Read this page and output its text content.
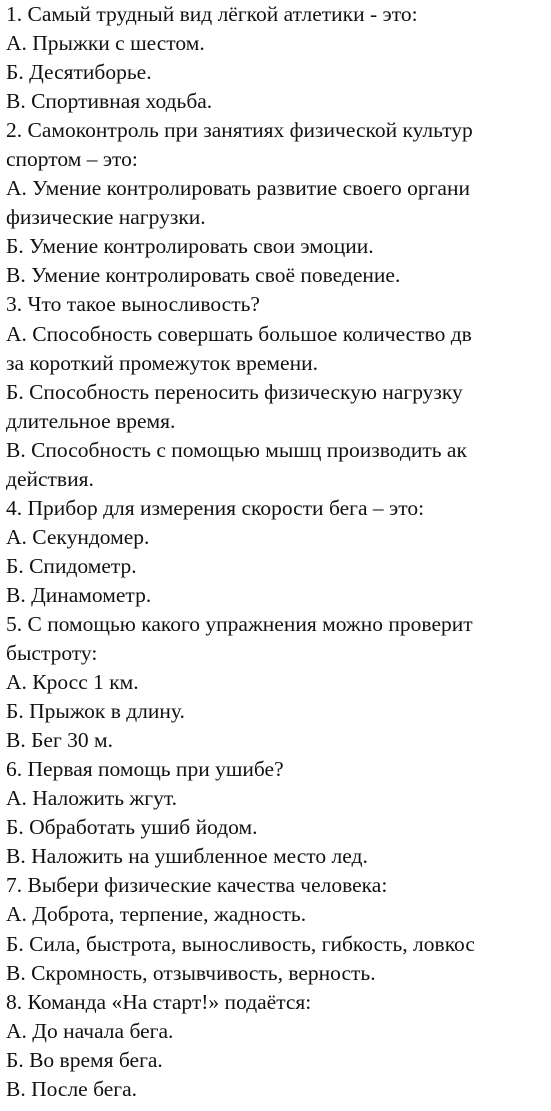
1. Самый трудный вид лёгкой атлетики - это:
А. Прыжки с шестом.
Б. Десятиборье.
В. Спортивная ходьба.
2. Самоконтроль при занятиях физической культур
спортом – это:
А. Умение контролировать развитие своего органи
физические нагрузки.
Б. Умение контролировать свои эмоции.
В. Умение контролировать своё поведение.
3. Что такое выносливость?
А. Способность совершать большое количество дв
за короткий промежуток времени.
Б. Способность переносить физическую нагрузку
длительное время.
В. Способность с помощью мышц производить ак
действия.
4. Прибор для измерения скорости бега – это:
А. Секундомер.
Б. Спидометр.
В. Динамометр.
5. С помощью какого упражнения можно проверит
быстроту:
А. Кросс 1 км.
Б. Прыжок в длину.
В. Бег 30 м.
6. Первая помощь при ушибе?
А. Наложить жгут.
Б. Обработать ушиб йодом.
В. Наложить на ушибленное место лед.
7. Выбери физические качества человека:
А. Доброта, терпение, жадность.
Б. Сила, быстрота, выносливость, гибкость, ловкос
В. Скромность, отзывчивость, верность.
8. Команда «На старт!» подаётся:
А. До начала бега.
Б. Во время бега.
В. После бега.
